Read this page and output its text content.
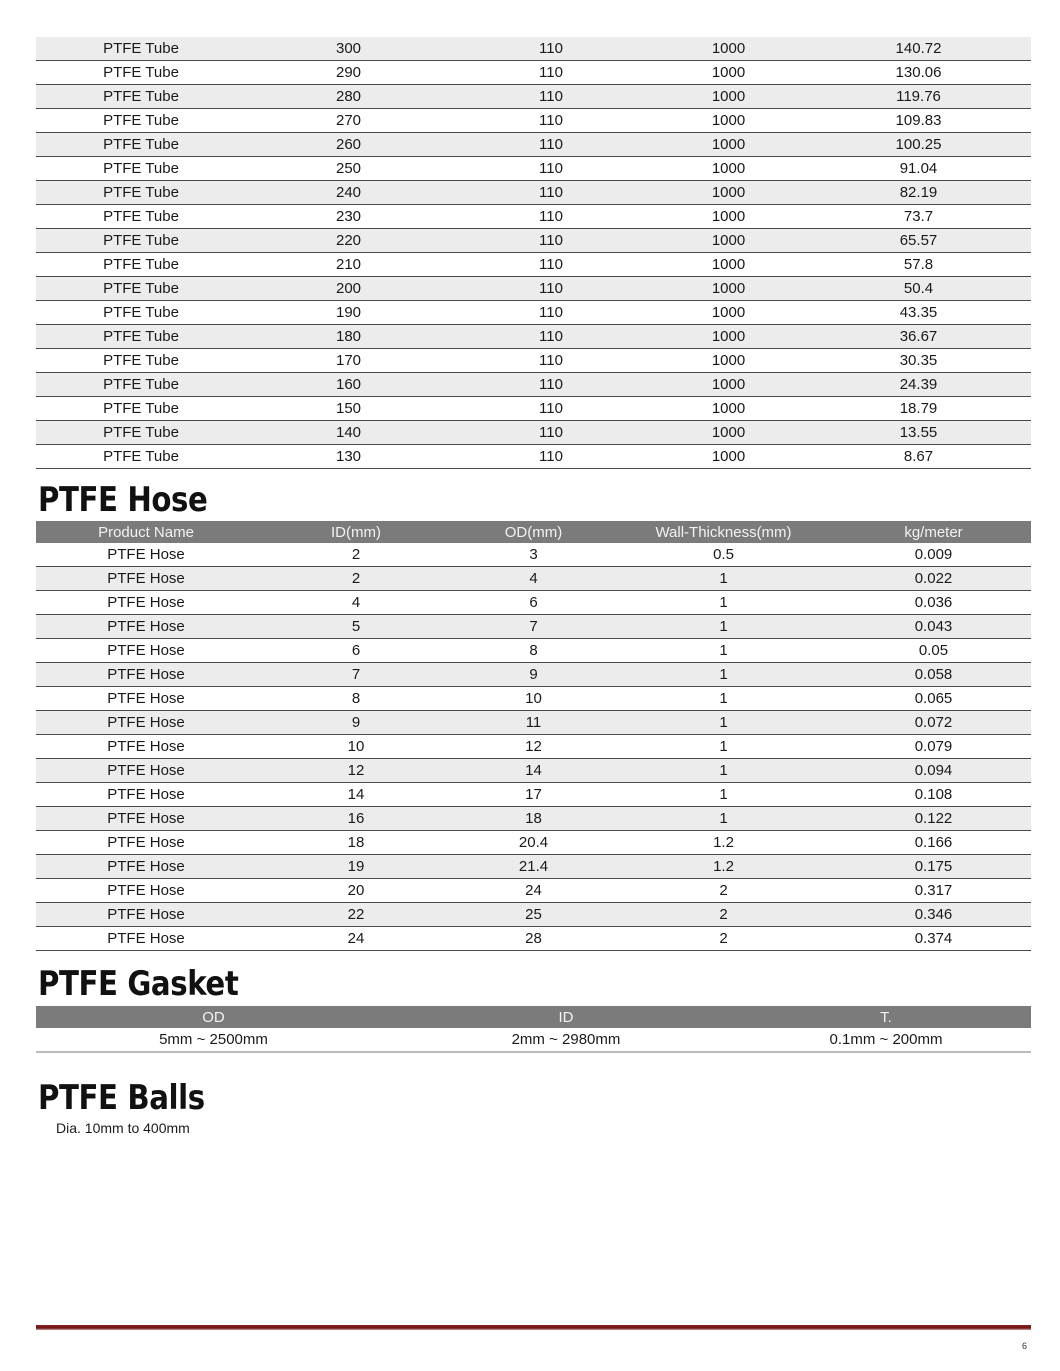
PTFE Tube	300	110	1000	140.72
PTFE Tube	290	110	1000	130.06
PTFE Tube	280	110	1000	119.76
PTFE Tube	270	110	1000	109.83
PTFE Tube	260	110	1000	100.25
PTFE Tube	250	110	1000	91.04
PTFE Tube	240	110	1000	82.19
PTFE Tube	230	110	1000	73.7
PTFE Tube	220	110	1000	65.57
PTFE Tube	210	110	1000	57.8
PTFE Tube	200	110	1000	50.4
PTFE Tube	190	110	1000	43.35
PTFE Tube	180	110	1000	36.67
PTFE Tube	170	110	1000	30.35
PTFE Tube	160	110	1000	24.39
PTFE Tube	150	110	1000	18.79
PTFE Tube	140	110	1000	13.55
PTFE Tube	130	110	1000	8.67
PTFE Hose
Product Name	ID(mm)	OD(mm)	Wall-Thickness(mm)	kg/meter
PTFE Hose	2	3	0.5	0.009
PTFE Hose	2	4	1	0.022
PTFE Hose	4	6	1	0.036
PTFE Hose	5	7	1	0.043
PTFE Hose	6	8	1	0.05
PTFE Hose	7	9	1	0.058
PTFE Hose	8	10	1	0.065
PTFE Hose	9	11	1	0.072
PTFE Hose	10	12	1	0.079
PTFE Hose	12	14	1	0.094
PTFE Hose	14	17	1	0.108
PTFE Hose	16	18	1	0.122
PTFE Hose	18	20.4	1.2	0.166
PTFE Hose	19	21.4	1.2	0.175
PTFE Hose	20	24	2	0.317
PTFE Hose	22	25	2	0.346
PTFE Hose	24	28	2	0.374
PTFE Gasket
OD	ID	T.
5mm ~ 2500mm	2mm ~ 2980mm	0.1mm ~ 200mm
PTFE Balls
Dia. 10mm to 400mm
6
